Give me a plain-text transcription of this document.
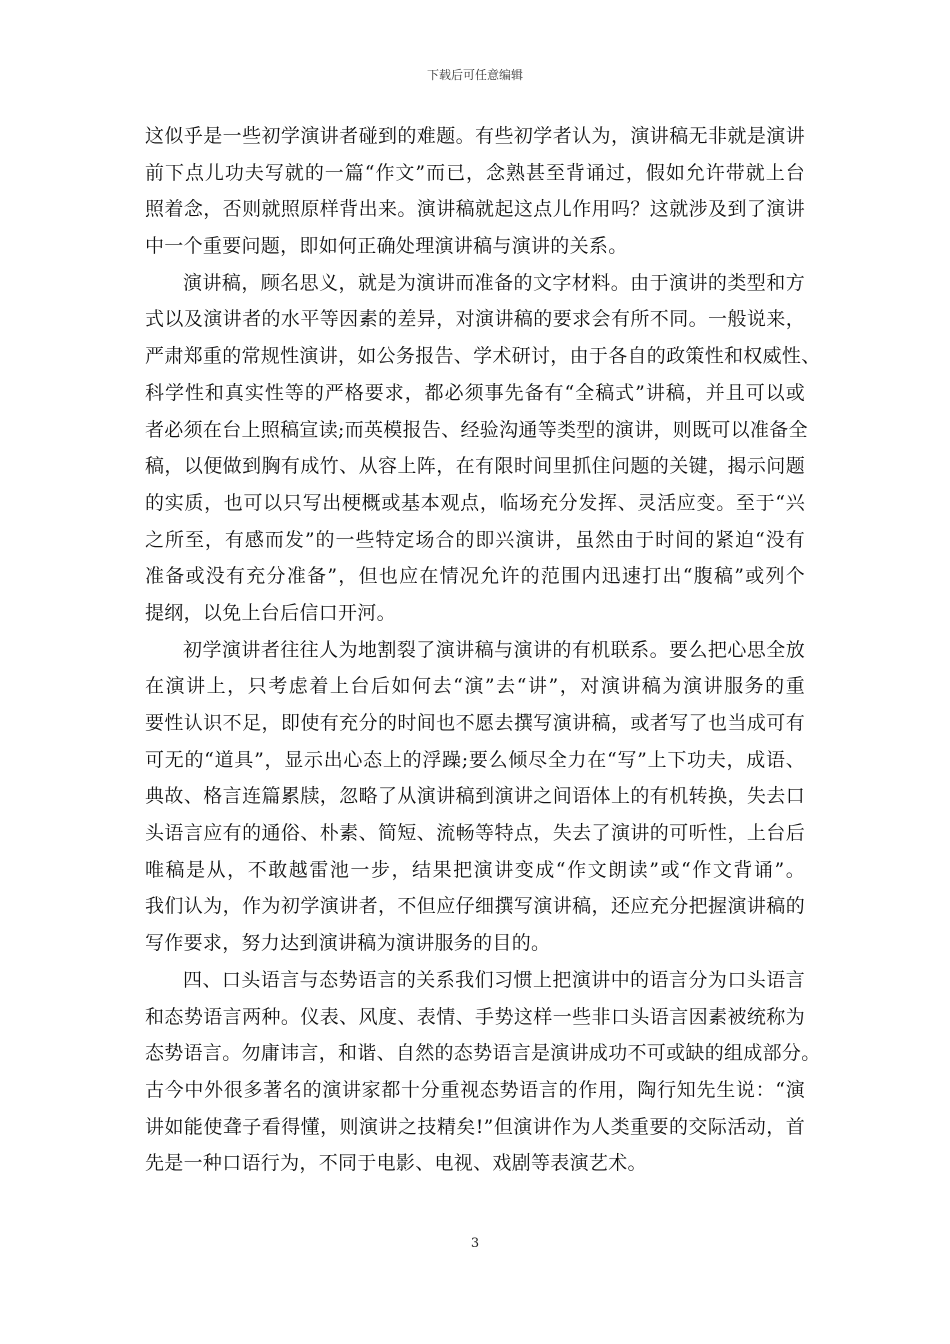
下载后可任意编辑
这似乎是一些初学演讲者碰到的难题。有些初学者认为，演讲稿无非就是演讲
前下点儿功夫写就的一篇“作文”而已，念熟甚至背诵过，假如允许带就上台
照着念，否则就照原样背出来。演讲稿就起这点儿作用吗？这就涉及到了演讲
中一个重要问题，即如何正确处理演讲稿与演讲的关系。
演讲稿，顾名思义，就是为演讲而准备的文字材料。由于演讲的类型和方
式以及演讲者的水平等因素的差异，对演讲稿的要求会有所不同。一般说来，
严肃郑重的常规性演讲，如公务报告、学术研讨，由于各自的政策性和权威性、
科学性和真实性等的严格要求，都必须事先备有“全稿式”讲稿，并且可以或
者必须在台上照稿宣读;而英模报告、经验沟通等类型的演讲，则既可以准备全
稿，以便做到胸有成竹、从容上阵，在有限时间里抓住问题的关键，揭示问题
的实质，也可以只写出梗概或基本观点，临场充分发挥、灵活应变。至于“兴
之所至，有感而发”的一些特定场合的即兴演讲，虽然由于时间的紧迫“没有
准备或没有充分准备”，但也应在情况允许的范围内迅速打出“腹稿”或列个
提纲，以免上台后信口开河。
初学演讲者往往人为地割裂了演讲稿与演讲的有机联系。要么把心思全放
在演讲上，只考虑着上台后如何去“演”去“讲”，对演讲稿为演讲服务的重
要性认识不足，即使有充分的时间也不愿去撰写演讲稿，或者写了也当成可有
可无的“道具”，显示出心态上的浮躁;要么倾尽全力在“写”上下功夫，成语、
典故、格言连篇累牍，忽略了从演讲稿到演讲之间语体上的有机转换，失去口
头语言应有的通俗、朴素、简短、流畅等特点，失去了演讲的可听性，上台后
唯稿是从，不敢越雷池一步，结果把演讲变成“作文朗读”或“作文背诵”。
我们认为，作为初学演讲者，不但应仔细撰写演讲稿，还应充分把握演讲稿的
写作要求，努力达到演讲稿为演讲服务的目的。
四、口头语言与态势语言的关系我们习惯上把演讲中的语言分为口头语言
和态势语言两种。仪表、风度、表情、手势这样一些非口头语言因素被统称为
态势语言。勿庸讳言，和谐、自然的态势语言是演讲成功不可或缺的组成部分。
古今中外很多著名的演讲家都十分重视态势语言的作用，陶行知先生说：“演
讲如能使聋子看得懂，则演讲之技精矣!”但演讲作为人类重要的交际活动，首
先是一种口语行为，不同于电影、电视、戏剧等表演艺术。
3
